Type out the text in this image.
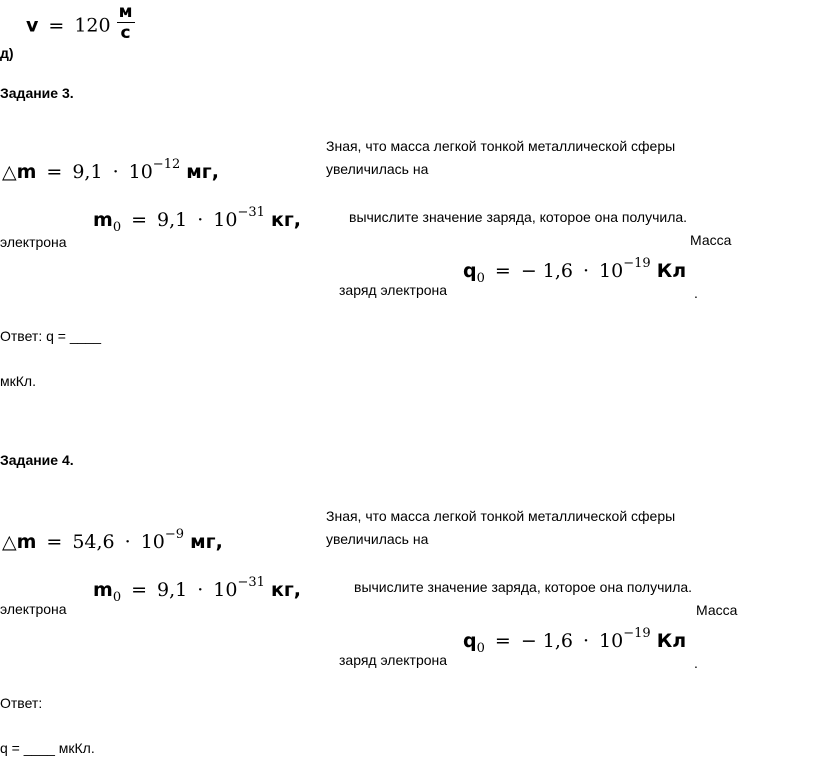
$v = 120 \frac{м}{с}$
д)
Задание 3.
△m = $9,1 \cdot 10^{-12}$ мг,
$m_0 = 9,1 \cdot 10^{-31}$ кг,
электрона
Зная, что масса легкой тонкой металлической сферы
увеличилась на
вычислите значение заряда, которое она получила.
Масса
заряд электрона
$q_0$ = − $1,6 \cdot 10^{-19}$ Кл
.
Ответ: q = ____
мкКл.
Задание 4.
△m = $54,6 \cdot 10^{-9}$ мг,
$m_0 = 9,1 \cdot 10^{-31}$ кг,
электрона
Зная, что масса легкой тонкой металлической сферы
увеличилась на
вычислите значение заряда, которое она получила.
Масса
заряд электрона
$q_0$ = − $1,6 \cdot 10^{-19}$ Кл
.
Ответ:
q = ____ мкКл.
